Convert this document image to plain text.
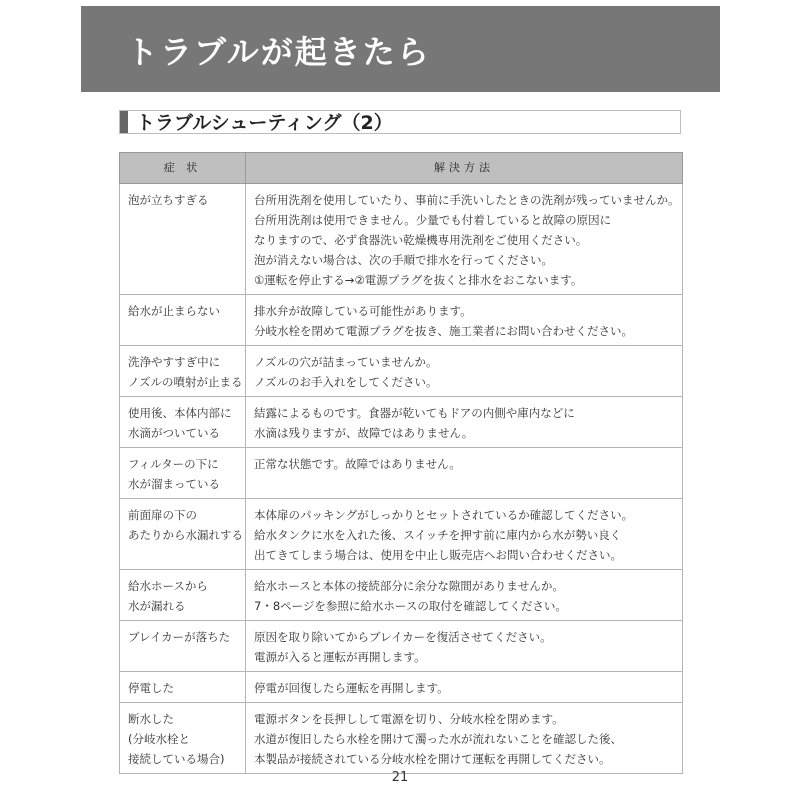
トラブルが起きたら
トラブルシューティング（2）
症 状	解決方法

泡が立ちすぎる	台所用洗剤を使用していたり、事前に手洗いしたときの洗剤が残っていませんか。
台所用洗剤は使用できません。少量でも付着していると故障の原因に
なりますので、必ず食器洗い乾燥機専用洗剤をご使用ください。
泡が消えない場合は、次の手順で排水を行ってください。
①運転を停止する→②電源プラグを抜くと排水をおこないます。

給水が止まらない	排水弁が故障している可能性があります。
分岐水栓を閉めて電源プラグを抜き、施工業者にお問い合わせください。

洗浄やすすぎ中に
ノズルの噴射が止まる	ノズルの穴が詰まっていませんか。
ノズルのお手入れをしてください。

使用後、本体内部に
水滴がついている	結露によるものです。食器が乾いてもドアの内側や庫内などに
水滴は残りますが、故障ではありません。

フィルターの下に
水が溜まっている	正常な状態です。故障ではありません。

前面扉の下の
あたりから水漏れする	本体扉のパッキングがしっかりとセットされているか確認してください。
給水タンクに水を入れた後、スイッチを押す前に庫内から水が勢い良く
出てきてしまう場合は、使用を中止し販売店へお問い合わせください。

給水ホースから
水が漏れる	給水ホースと本体の接続部分に余分な隙間がありませんか。
7・8ページを参照に給水ホースの取付を確認してください。

ブレイカーが落ちた	原因を取り除いてからブレイカーを復活させてください。
電源が入ると運転が再開します。

停電した	停電が回復したら運転を再開します。

断水した
(分岐水栓と
接続している場合)	電源ボタンを長押しして電源を切り、分岐水栓を閉めます。
水道が復旧したら水栓を開けて濁った水が流れないことを確認した後、
本製品が接続されている分岐水栓を開けて運転を再開してください。
21
